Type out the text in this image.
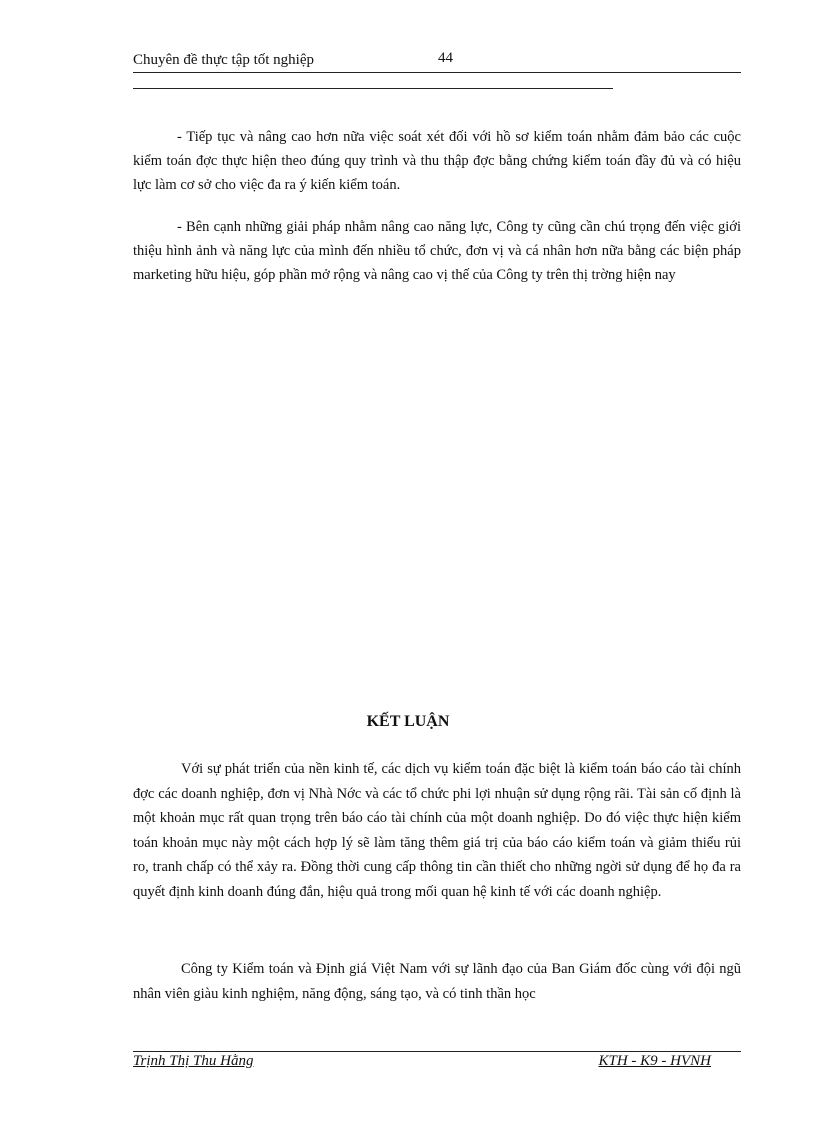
Chuyên đề thực tập tốt nghiệp	44

- Tiếp tục và nâng cao hơn nữa việc soát xét đối với hồ sơ kiểm toán nhằm đảm bảo các cuộc kiểm toán đợc thực hiện theo đúng quy trình và thu thập đợc bằng chứng kiểm toán đầy đủ và có hiệu lực làm cơ sở cho việc đa ra ý kiến kiểm toán.

- Bên cạnh những giải pháp nhằm nâng cao năng lực, Công ty cũng cần chú trọng đến việc giới thiệu hình ảnh và năng lực của mình đến nhiều tổ chức, đơn vị và cá nhân hơn nữa bằng các biện pháp marketing hữu hiệu, góp phần mở rộng và nâng cao vị thế của Công ty trên thị trờng hiện nay

KẾT LUẬN

Với sự phát triển của nền kinh tế, các dịch vụ kiểm toán đặc biệt là kiểm toán báo cáo tài chính đợc các doanh nghiệp, đơn vị Nhà Nớc và các tổ chức phi lợi nhuận sử dụng rộng rãi. Tài sản cố định là một khoản mục rất quan trọng trên báo cáo tài chính của một doanh nghiệp. Do đó việc thực hiện kiểm toán khoản mục này một cách hợp lý sẽ làm tăng thêm giá trị của báo cáo kiểm toán và giảm thiểu rủi ro, tranh chấp có thể xảy ra. Đồng thời cung cấp thông tin cần thiết cho những ngời sử dụng để họ đa ra quyết định kinh doanh đúng đắn, hiệu quả trong mối quan hệ kinh tế với các doanh nghiệp.

Công ty Kiểm toán và Định giá Việt Nam với sự lãnh đạo của Ban Giám đốc cùng với đội ngũ nhân viên giàu kinh nghiệm, năng động, sáng tạo, và có tinh thần học

Trịnh Thị Thu Hằng	KTH - K9 - HVNH
